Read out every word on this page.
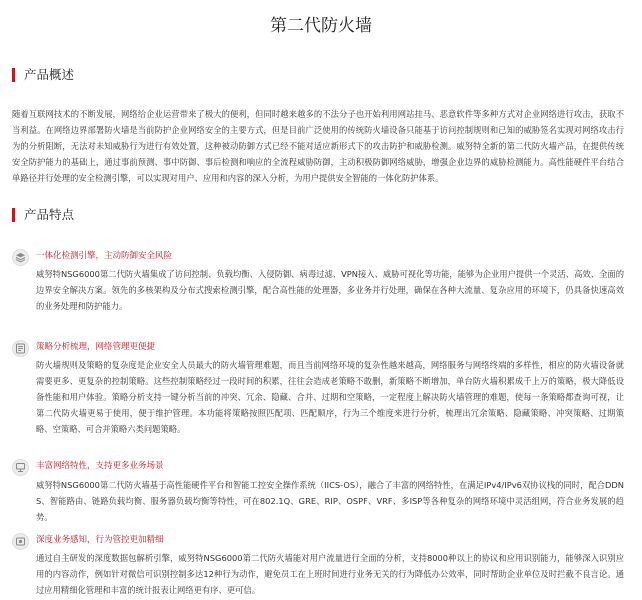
第二代防火墙
产品概述
随着互联网技术的不断发展，网络给企业运营带来了极大的便利，但同时越来越多的不法分子也开始利用网站挂马、恶意软件等多种方式对企业网络进行攻击，获取不当利益。在网络边界部署防火墙是当前防护企业网络安全的主要方式，但是目前广泛使用的传统防火墙设备只能基于访问控制规则和已知的威胁签名实现对网络攻击行为的分析阻断，无法对未知威胁行为进行有效处置，这种被动防御方式已经不能对适应新形式下的攻击防护和威胁检测。威努特全新的第二代防火墙产品，在提供传统安全防护能力的基础上，通过事前预测、事中防御、事后检测和响应的全流程威胁防御，主动积极防御网络威胁，增强企业边界的威胁检测能力。高性能硬件平台结合单路径并行处理的安全检测引擎，可以实现对用户、应用和内容的深入分析，为用户提供安全智能的一体化防护体系。
产品特点
一体化检测引擎，主动防御安全风险
威努特NSG6000第二代防火墙集成了访问控制、负载均衡、入侵防御、病毒过滤、VPN接入、威胁可视化等功能，能够为企业用户提供一个灵活、高效、全面的边界安全解决方案。领先的多核架构及分布式搜索检测引擎，配合高性能的处理器，多业务并行处理，确保在各种大流量、复杂应用的环境下，仍具备快速高效的业务处理和防护能力。
策略分析梳理，网络管理更便捷
防火墙规则及策略的复杂度是企业安全人员最大的防火墙管理难题，而且当前网络环境的复杂性越来越高，网络服务与网络终端的多样性，相应的防火墙设备就需要更多、更复杂的控制策略。这些控制策略经过一段时间的积累，往往会造成老策略不敢删，新策略不断增加，单台防火墙积累成千上万的策略，极大降低设备性能和用户体验。策略分析支持一键分析当前的冲突、冗余、隐藏、合并、过期和空策略，一定程度上解决防火墙管理的难题，使每一条策略都查询可视，让第二代防火墙更易于使用，便于维护管理。本功能将策略按照匹配项、匹配顺序，行为三个维度来进行分析，梳理出冗余策略、隐藏策略、冲突策略、过期策略、空策略、可合并策略六类问题策略。
丰富网络特性，支持更多业务场景
威努特NSG6000第二代防火墙基于高性能硬件平台和智能工控安全操作系统（IICS-OS），融合了丰富的网络特性，在满足IPv4/IPv6双协议栈的同时，配合DDNS、智能路由、链路负载均衡、服务器负载均衡等特性，可在802.1Q、GRE、RIP、OSPF、VRF、多ISP等各种复杂的网络环境中灵活组网，符合业务发展的趋势。
深度业务感知，行为管控更加精细
通过自主研发的深度数据包解析引擎，威努特NSG6000第二代防火墙能对用户流量进行全面的分析，支持8000种以上的协议和应用识别能力，能够深入识别应用的内容动作，例如针对微信可识别控制多达12种行为动作，避免员工在上班时间进行业务无关的行为降低办公效率，同时帮助企业单位及时拦截不良言论。通过应用精细化管理和丰富的统计报表让网络更有序、更可信。
